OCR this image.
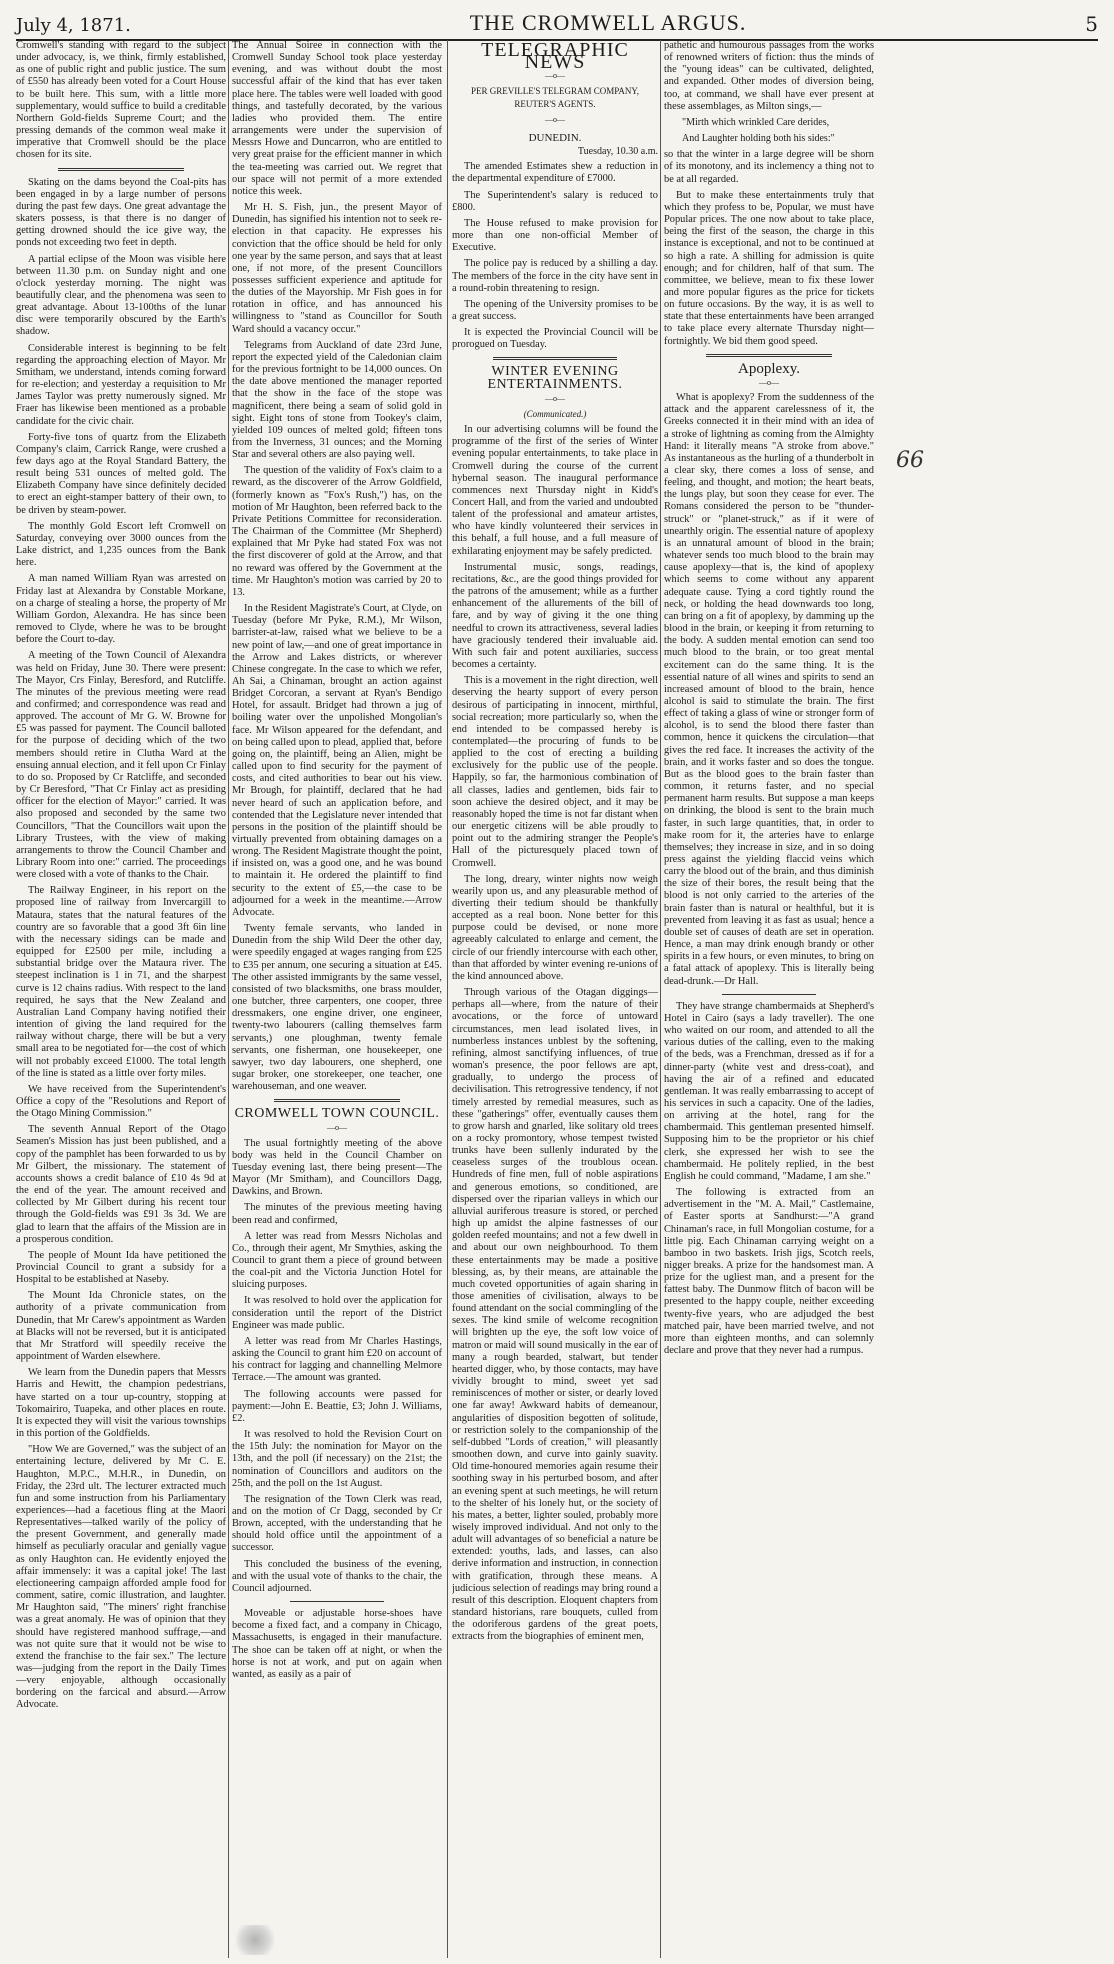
July 4, 1871.	THE CROMWELL ARGUS.	5

Cromwell's standing with regard to the subject under advocacy, is, we think, firmly established, as one of public right and public justice. The sum of £550 has already been voted for a Court House to be built here. This sum, with a little more supplementary, would suffice to build a creditable Northern Gold-fields Supreme Court; and the pressing demands of the common weal make it imperative that Cromwell should be the place chosen for its site.

Skating on the dams beyond the Coal-pits has been engaged in by a large number of persons during the past few days. One great advantage the skaters possess, is that there is no danger of getting drowned should the ice give way, the ponds not exceeding two feet in depth.

A partial eclipse of the Moon was visible here between 11.30 p.m. on Sunday night and one o'clock yesterday morning. The night was beautifully clear, and the phenomena was seen to great advantage. About 13-100ths of the lunar disc were temporarily obscured by the Earth's shadow.

Considerable interest is beginning to be felt regarding the approaching election of Mayor. Mr Smitham, we understand, intends coming forward for re-election; and yesterday a requisition to Mr James Taylor was pretty numerously signed. Mr Fraer has likewise been mentioned as a probable candidate for the civic chair.

Forty-five tons of quartz from the Elizabeth Company's claim, Carrick Range, were crushed a few days ago at the Royal Standard Battery, the result being 531 ounces of melted gold. The Elizabeth Company have since definitely decided to erect an eight-stamper battery of their own, to be driven by steam-power.

The monthly Gold Escort left Cromwell on Saturday, conveying over 3000 ounces from the Lake district, and 1,235 ounces from the Bank here.

A man named William Ryan was arrested on Friday last at Alexandra by Constable Morkane, on a charge of stealing a horse, the property of Mr William Gordon, Alexandra. He has since been removed to Clyde, where he was to be brought before the Court to-day.

A meeting of the Town Council of Alexandra was held on Friday, June 30. There were present: The Mayor, Crs Finlay, Beresford, and Rutcliffe. The minutes of the previous meeting were read and confirmed; and correspondence was read and approved. The account of Mr G. W. Browne for £5 was passed for payment. The Council balloted for the purpose of deciding which of the two members should retire in Clutha Ward at the ensuing annual election, and it fell upon Cr Finlay to do so. Proposed by Cr Ratcliffe, and seconded by Cr Beresford, "That Cr Finlay act as presiding officer for the election of Mayor:" carried. It was also proposed and seconded by the same two Councillors, "That the Councillors wait upon the Library Trustees, with the view of making arrangements to throw the Council Chamber and Library Room into one:" carried. The proceedings were closed with a vote of thanks to the Chair.

The Railway Engineer, in his report on the proposed line of railway from Invercargill to Mataura, states that the natural features of the country are so favorable that a good 3ft 6in line with the necessary sidings can be made and equipped for £2500 per mile, including a substantial bridge over the Mataura river. The steepest inclination is 1 in 71, and the sharpest curve is 12 chains radius. With respect to the land required, he says that the New Zealand and Australian Land Company having notified their intention of giving the land required for the railway without charge, there will be but a very small area to be negotiated for—the cost of which will not probably exceed £1000. The total length of the line is stated as a little over forty miles.

We have received from the Superintendent's Office a copy of the "Resolutions and Report of the Otago Mining Commission."

The seventh Annual Report of the Otago Seamen's Mission has just been published, and a copy of the pamphlet has been forwarded to us by Mr Gilbert, the missionary. The statement of accounts shows a credit balance of £10 4s 9d at the end of the year. The amount received and collected by Mr Gilbert during his recent tour through the Gold-fields was £91 3s 3d. We are glad to learn that the affairs of the Mission are in a prosperous condition.

The people of Mount Ida have petitioned the Provincial Council to grant a subsidy for a Hospital to be established at Naseby.

The Mount Ida Chronicle states, on the authority of a private communication from Dunedin, that Mr Carew's appointment as Warden at Blacks will not be reversed, but it is anticipated that Mr Stratford will speedily receive the appointment of Warden elsewhere.

We learn from the Dunedin papers that Messrs Harris and Hewitt, the champion pedestrians, have started on a tour up-country, stopping at Tokomairiro, Tuapeka, and other places en route. It is expected they will visit the various townships in this portion of the Goldfields.

"How We are Governed," was the subject of an entertaining lecture, delivered by Mr C. E. Haughton, M.P.C., M.H.R., in Dunedin, on Friday, the 23rd ult. The lecturer extracted much fun and some instruction from his Parliamentary experiences—had a facetious fling at the Maori Representatives—talked warily of the policy of the present Government, and generally made himself as peculiarly oracular and genially vague as only Haughton can. He evidently enjoyed the affair immensely: it was a capital joke! The last electioneering campaign afforded ample food for comment, satire, comic illustration, and laughter. Mr Haughton said, "The miners' right franchise was a great anomaly. He was of opinion that they should have registered manhood suffrage,—and was not quite sure that it would not be wise to extend the franchise to the fair sex." The lecture was—judging from the report in the Daily Times—very enjoyable, although occasionally bordering on the farcical and absurd.—Arrow Advocate.

The Annual Soiree in connection with the Cromwell Sunday School took place yesterday evening, and was without doubt the most successful affair of the kind that has ever taken place here. The tables were well loaded with good things, and tastefully decorated, by the various ladies who provided them. The entire arrangements were under the supervision of Messrs Howe and Duncarron, who are entitled to very great praise for the efficient manner in which the tea-meeting was carried out. We regret that our space will not permit of a more extended notice this week.

Mr H. S. Fish, jun., the present Mayor of Dunedin, has signified his intention not to seek re-election in that capacity. He expresses his conviction that the office should be held for only one year by the same person, and says that at least one, if not more, of the present Councillors possesses sufficient experience and aptitude for the duties of the Mayorship. Mr Fish goes in for rotation in office, and has announced his willingness to "stand as Councillor for South Ward should a vacancy occur."

Telegrams from Auckland of date 23rd June, report the expected yield of the Caledonian claim for the previous fortnight to be 14,000 ounces. On the date above mentioned the manager reported that the show in the face of the stope was magnificent, there being a seam of solid gold in sight. Eight tons of stone from Tookey's claim, yielded 109 ounces of melted gold; fifteen tons from the Inverness, 31 ounces; and the Morning Star and several others are also paying well.

The question of the validity of Fox's claim to a reward, as the discoverer of the Arrow Goldfield, (formerly known as "Fox's Rush,") has, on the motion of Mr Haughton, been referred back to the Private Petitions Committee for reconsideration. The Chairman of the Committee (Mr Shepherd) explained that Mr Pyke had stated Fox was not the first discoverer of gold at the Arrow, and that no reward was offered by the Government at the time. Mr Haughton's motion was carried by 20 to 13.

In the Resident Magistrate's Court, at Clyde, on Tuesday (before Mr Pyke, R.M.), Mr Wilson, barrister-at-law, raised what we believe to be a new point of law,—and one of great importance in the Arrow and Lakes districts, or wherever Chinese congregate. In the case to which we refer, Ah Sai, a Chinaman, brought an action against Bridget Corcoran, a servant at Ryan's Bendigo Hotel, for assault. Bridget had thrown a jug of boiling water over the unpolished Mongolian's face. Mr Wilson appeared for the defendant, and on being called upon to plead, applied that, before going on, the plaintiff, being an Alien, might be called upon to find security for the payment of costs, and cited authorities to bear out his view. Mr Brough, for plaintiff, declared that he had never heard of such an application before, and contended that the Legislature never intended that persons in the position of the plaintiff should be virtually prevented from obtaining damages on a wrong. The Resident Magistrate thought the point, if insisted on, was a good one, and he was bound to maintain it. He ordered the plaintiff to find security to the extent of £5,—the case to be adjourned for a week in the meantime.—Arrow Advocate.

Twenty female servants, who landed in Dunedin from the ship Wild Deer the other day, were speedily engaged at wages ranging from £25 to £35 per annum, one securing a situation at £45. The other assisted immigrants by the same vessel, consisted of two blacksmiths, one brass moulder, one butcher, three carpenters, one cooper, three dressmakers, one engine driver, one engineer, twenty-two labourers (calling themselves farm servants,) one ploughman, twenty female servants, one fisherman, one housekeeper, one sawyer, two day labourers, one shepherd, one sugar broker, one storekeeper, one teacher, one warehouseman, and one weaver.

CROMWELL TOWN COUNCIL.
—o—

The usual fortnightly meeting of the above body was held in the Council Chamber on Tuesday evening last, there being present—The Mayor (Mr Smitham), and Councillors Dagg, Dawkins, and Brown.

The minutes of the previous meeting having been read and confirmed,

A letter was read from Messrs Nicholas and Co., through their agent, Mr Smythies, asking the Council to grant them a piece of ground between the coal-pit and the Victoria Junction Hotel for sluicing purposes.

It was resolved to hold over the application for consideration until the report of the District Engineer was made public.

A letter was read from Mr Charles Hastings, asking the Council to grant him £20 on account of his contract for lagging and channelling Melmore Terrace.—The amount was granted.

The following accounts were passed for payment:—John E. Beattie, £3; John J. Williams, £2.

It was resolved to hold the Revision Court on the 15th July: the nomination for Mayor on the 13th, and the poll (if necessary) on the 21st; the nomination of Councillors and auditors on the 25th, and the poll on the 1st August.

The resignation of the Town Clerk was read, and on the motion of Cr Dagg, seconded by Cr Brown, accepted, with the understanding that he should hold office until the appointment of a successor.

This concluded the business of the evening, and with the usual vote of thanks to the chair, the Council adjourned.

Moveable or adjustable horse-shoes have become a fixed fact, and a company in Chicago, Massachusetts, is engaged in their manufacture. The shoe can be taken off at night, or when the horse is not at work, and put on again when wanted, as easily as a pair of

TELEGRAPHIC NEWS
—o—
PER GREVILLE'S TELEGRAM COMPANY, REUTER'S AGENTS.
—o—
DUNEDIN.
Tuesday, 10.30 a.m.

The amended Estimates shew a reduction in the departmental expenditure of £7000.

The Superintendent's salary is reduced to £800.

The House refused to make provision for more than one non-official Member of Executive.

The police pay is reduced by a shilling a day. The members of the force in the city have sent in a round-robin threatening to resign.

The opening of the University promises to be a great success.

It is expected the Provincial Council will be prorogued on Tuesday.

WINTER EVENING ENTERTAINMENTS.
—o—
(Communicated.)

In our advertising columns will be found the programme of the first of the series of Winter evening popular entertainments, to take place in Cromwell during the course of the current hybernal season. The inaugural performance commences next Thursday night in Kidd's Concert Hall, and from the varied and undoubted talent of the professional and amateur artistes, who have kindly volunteered their services in this behalf, a full house, and a full measure of exhilarating enjoyment may be safely predicted.

Instrumental music, songs, readings, recitations, &c., are the good things provided for the patrons of the amusement; while as a further enhancement of the allurements of the bill of fare, and by way of giving it the one thing needful to crown its attractiveness, several ladies have graciously tendered their invaluable aid. With such fair and potent auxiliaries, success becomes a certainty.

This is a movement in the right direction, well deserving the hearty support of every person desirous of participating in innocent, mirthful, social recreation; more particularly so, when the end intended to be compassed hereby is contemplated—the procuring of funds to be applied to the cost of erecting a building exclusively for the public use of the people. Happily, so far, the harmonious combination of all classes, ladies and gentlemen, bids fair to soon achieve the desired object, and it may be reasonably hoped the time is not far distant when our energetic citizens will be able proudly to point out to the admiring stranger the People's Hall of the picturesquely placed town of Cromwell.

The long, dreary, winter nights now weigh wearily upon us, and any pleasurable method of diverting their tedium should be thankfully accepted as a real boon. None better for this purpose could be devised, or none more agreeably calculated to enlarge and cement, the circle of our friendly intercourse with each other, than that afforded by winter evening re-unions of the kind announced above.

Through various of the Otagan diggings—perhaps all—where, from the nature of their avocations, or the force of untoward circumstances, men lead isolated lives, in numberless instances unblest by the softening, refining, almost sanctifying influences, of true woman's presence, the poor fellows are apt, gradually, to undergo the process of decivilisation. This retrogressive tendency, if not timely arrested by remedial measures, such as these "gatherings" offer, eventually causes them to grow harsh and gnarled, like solitary old trees on a rocky promontory, whose tempest twisted trunks have been sullenly indurated by the ceaseless surges of the troublous ocean. Hundreds of fine men, full of noble aspirations and generous emotions, so conditioned, are dispersed over the riparian valleys in which our alluvial auriferous treasure is stored, or perched high up amidst the alpine fastnesses of our golden reefed mountains; and not a few dwell in and about our own neighbourhood. To them these entertainments may be made a positive blessing, as, by their means, are attainable the much coveted opportunities of again sharing in those amenities of civilisation, always to be found attendant on the social commingling of the sexes. The kind smile of welcome recognition will brighten up the eye, the soft low voice of matron or maid will sound musically in the ear of many a rough bearded, stalwart, but tender hearted digger, who, by those contacts, may have vividly brought to mind, sweet yet sad reminiscences of mother or sister, or dearly loved one far away! Awkward habits of demeanour, angularities of disposition begotten of solitude, or restriction solely to the companionship of the self-dubbed "Lords of creation," will pleasantly smoothen down, and curve into gainly suavity. Old time-honoured memories again resume their soothing sway in his perturbed bosom, and after an evening spent at such meetings, he will return to the shelter of his lonely hut, or the society of his mates, a better, lighter souled, probably more wisely improved individual. And not only to the adult will advantages of so beneficial a nature be extended: youths, lads, and lasses, can also derive information and instruction, in connection with gratification, through these means. A judicious selection of readings may bring round a result of this description. Eloquent chapters from standard historians, rare bouquets, culled from the odoriferous gardens of the great poets, extracts from the biographies of eminent men,

pathetic and humourous passages from the works of renowned writers of fiction: thus the minds of the "young ideas" can be cultivated, delighted, and expanded. Other modes of diversion being, too, at command, we shall have ever present at these assemblages, as Milton sings,—

"Mirth which wrinkled Care derides,

And Laughter holding both his sides:"

so that the winter in a large degree will be shorn of its monotony, and its inclemency a thing not to be at all regarded.

But to make these entertainments truly that which they profess to be, Popular, we must have Popular prices. The one now about to take place, being the first of the season, the charge in this instance is exceptional, and not to be continued at so high a rate. A shilling for admission is quite enough; and for children, half of that sum. The committee, we believe, mean to fix these lower and more popular figures as the price for tickets on future occasions. By the way, it is as well to state that these entertainments have been arranged to take place every alternate Thursday night—fortnightly. We bid them good speed.

Apoplexy.
—o—

What is apoplexy? From the suddenness of the attack and the apparent carelessness of it, the Greeks connected it in their mind with an idea of a stroke of lightning as coming from the Almighty Hand: it literally means "A stroke from above." As instantaneous as the hurling of a thunderbolt in a clear sky, there comes a loss of sense, and feeling, and thought, and motion; the heart beats, the lungs play, but soon they cease for ever. The Romans considered the person to be "thunder-struck" or "planet-struck," as if it were of unearthly origin. The essential nature of apoplexy is an unnatural amount of blood in the brain; whatever sends too much blood to the brain may cause apoplexy—that is, the kind of apoplexy which seems to come without any apparent adequate cause. Tying a cord tightly round the neck, or holding the head downwards too long, can bring on a fit of apoplexy, by damming up the blood in the brain, or keeping it from returning to the body. A sudden mental emotion can send too much blood to the brain, or too great mental excitement can do the same thing. It is the essential nature of all wines and spirits to send an increased amount of blood to the brain, hence alcohol is said to stimulate the brain. The first effect of taking a glass of wine or stronger form of alcohol, is to send the blood there faster than common, hence it quickens the circulation—that gives the red face. It increases the activity of the brain, and it works faster and so does the tongue. But as the blood goes to the brain faster than common, it returns faster, and no special permanent harm results. But suppose a man keeps on drinking, the blood is sent to the brain much faster, in such large quantities, that, in order to make room for it, the arteries have to enlarge themselves; they increase in size, and in so doing press against the yielding flaccid veins which carry the blood out of the brain, and thus diminish the size of their bores, the result being that the blood is not only carried to the arteries of the brain faster than is natural or healthful, but it is prevented from leaving it as fast as usual; hence a double set of causes of death are set in operation. Hence, a man may drink enough brandy or other spirits in a few hours, or even minutes, to bring on a fatal attack of apoplexy. This is literally being dead-drunk.—Dr Hall.

They have strange chambermaids at Shepherd's Hotel in Cairo (says a lady traveller). The one who waited on our room, and attended to all the various duties of the calling, even to the making of the beds, was a Frenchman, dressed as if for a dinner-party (white vest and dress-coat), and having the air of a refined and educated gentleman. It was really embarrassing to accept of his services in such a capacity. One of the ladies, on arriving at the hotel, rang for the chambermaid. This gentleman presented himself. Supposing him to be the proprietor or his chief clerk, she expressed her wish to see the chambermaid. He politely replied, in the best English he could command, "Madame, I am she."

The following is extracted from an advertisement in the "M. A. Mail," Castlemaine, of Easter sports at Sandhurst:—"A grand Chinaman's race, in full Mongolian costume, for a little pig. Each Chinaman carrying weight on a bamboo in two baskets. Irish jigs, Scotch reels, nigger breaks. A prize for the handsomest man. A prize for the ugliest man, and a present for the fattest baby. The Dunmow flitch of bacon will be presented to the happy couple, neither exceeding twenty-five years, who are adjudged the best matched pair, have been married twelve, and not more than eighteen months, and can solemnly declare and prove that they never had a rumpus.

66
